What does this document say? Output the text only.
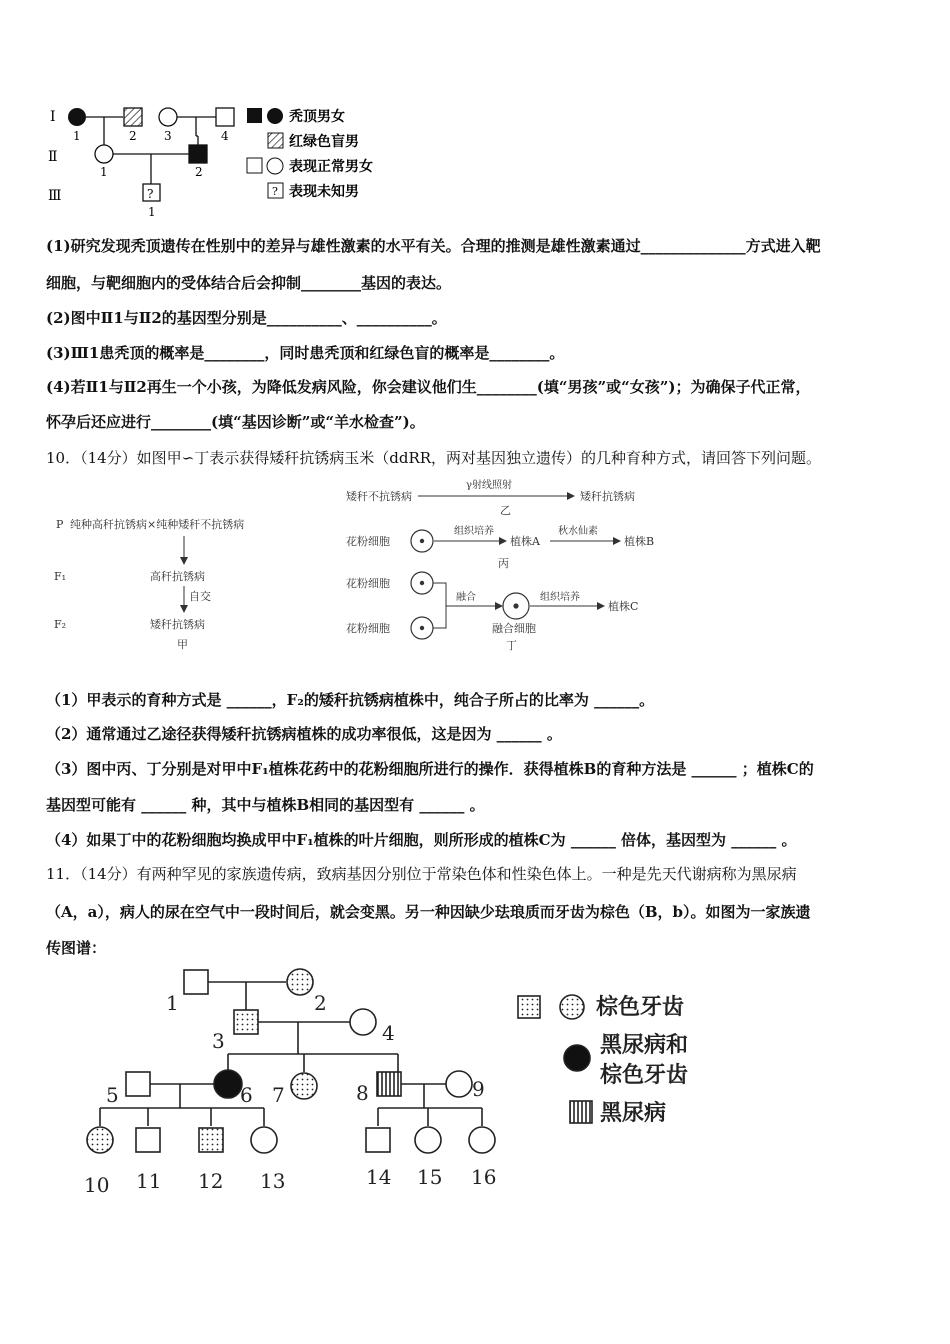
Ⅰ
Ⅱ
Ⅲ
1	2 3	4
1	2
?
1
秃顶男女
红绿色盲男
表现正常男女
? 表现未知男
(1)研究发现秃顶遗传在性别中的差异与雄性激素的水平有关。合理的推测是雄性激素通过______________方式进入靶
细胞，与靶细胞内的受体结合后会抑制________基因的表达。
(2)图中Ⅱ1与Ⅱ2的基因型分别是__________、__________。
(3)Ⅲ1患秃顶的概率是________，同时患秃顶和红绿色盲的概率是________。
(4)若Ⅱ1与Ⅱ2再生一个小孩，为降低发病风险，你会建议他们生________(填“男孩”或“女孩”)；为确保子代正常，
怀孕后还应进行________(填“基因诊断”或“羊水检查”)。
10．（14分）如图甲∽丁表示获得矮秆抗锈病玉米（ddRR，两对基因独立遗传）的几种育种方式，请回答下列问题。
P 纯种高秆抗锈病×纯种矮秆不抗锈病
F₁	高秆抗锈病
自交
F₂	矮秆抗锈病
甲
矮秆不抗锈病
γ射线照射
矮秆抗锈病
乙
花粉细胞
组织培养
植株A
秋水仙素
植株B
丙
花粉细胞
花粉细胞
融合	组织培养
植株C
融合细胞
丁
（1）甲表示的育种方式是 ______，F₂的矮秆抗锈病植株中，纯合子所占的比率为 ______。
（2）通常通过乙途径获得矮秆抗锈病植株的成功率很低，这是因为 ______ 。
（3）图中丙、丁分别是对甲中F₁植株花药中的花粉细胞所进行的操作．获得植株B的育种方法是 ______ ；植株C的
基因型可能有 ______ 种，其中与植株B相同的基因型有 ______ 。
（4）如果丁中的花粉细胞均换成甲中F₁植株的叶片细胞，则所形成的植株C为 ______ 倍体，基因型为 ______ 。
11．（14分）有两种罕见的家族遗传病，致病基因分别位于常染色体和性染色体上。一种是先天代谢病称为黑尿病
（A，a），病人的尿在空气中一段时间后，就会变黑。另一种因缺少珐琅质而牙齿为棕色（B，b）。如图为一家族遗
传图谱：
1	2
3	4
5	6 7	8	9
10 11 12 13	14 15 16
棕色牙齿
黑尿病和
棕色牙齿
黑尿病
